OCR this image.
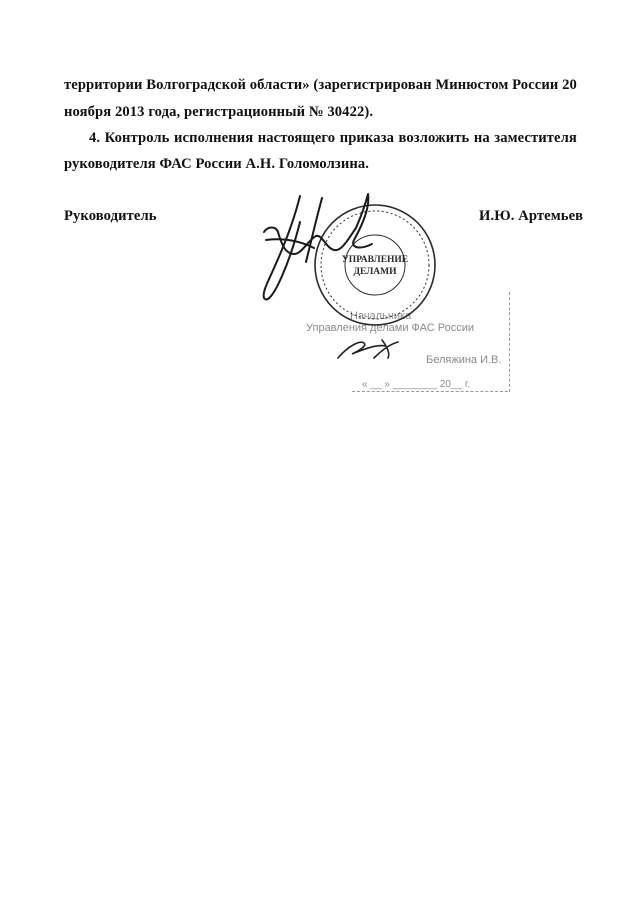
территории Волгоградской области» (зарегистрирован Минюстом России 20
ноября 2013 года, регистрационный № 30422).
4. Контроль исполнения настоящего приказа возложить на заместителя
руководителя ФАС России А.Н. Голомолзина.
Руководитель	И.Ю. Артемьев
Начальника
Управления делами ФАС России
Беляжина И.В.
« __ » ________ 20__ г.
УПРАВЛЕНИЕ
ДЕЛАМИ
